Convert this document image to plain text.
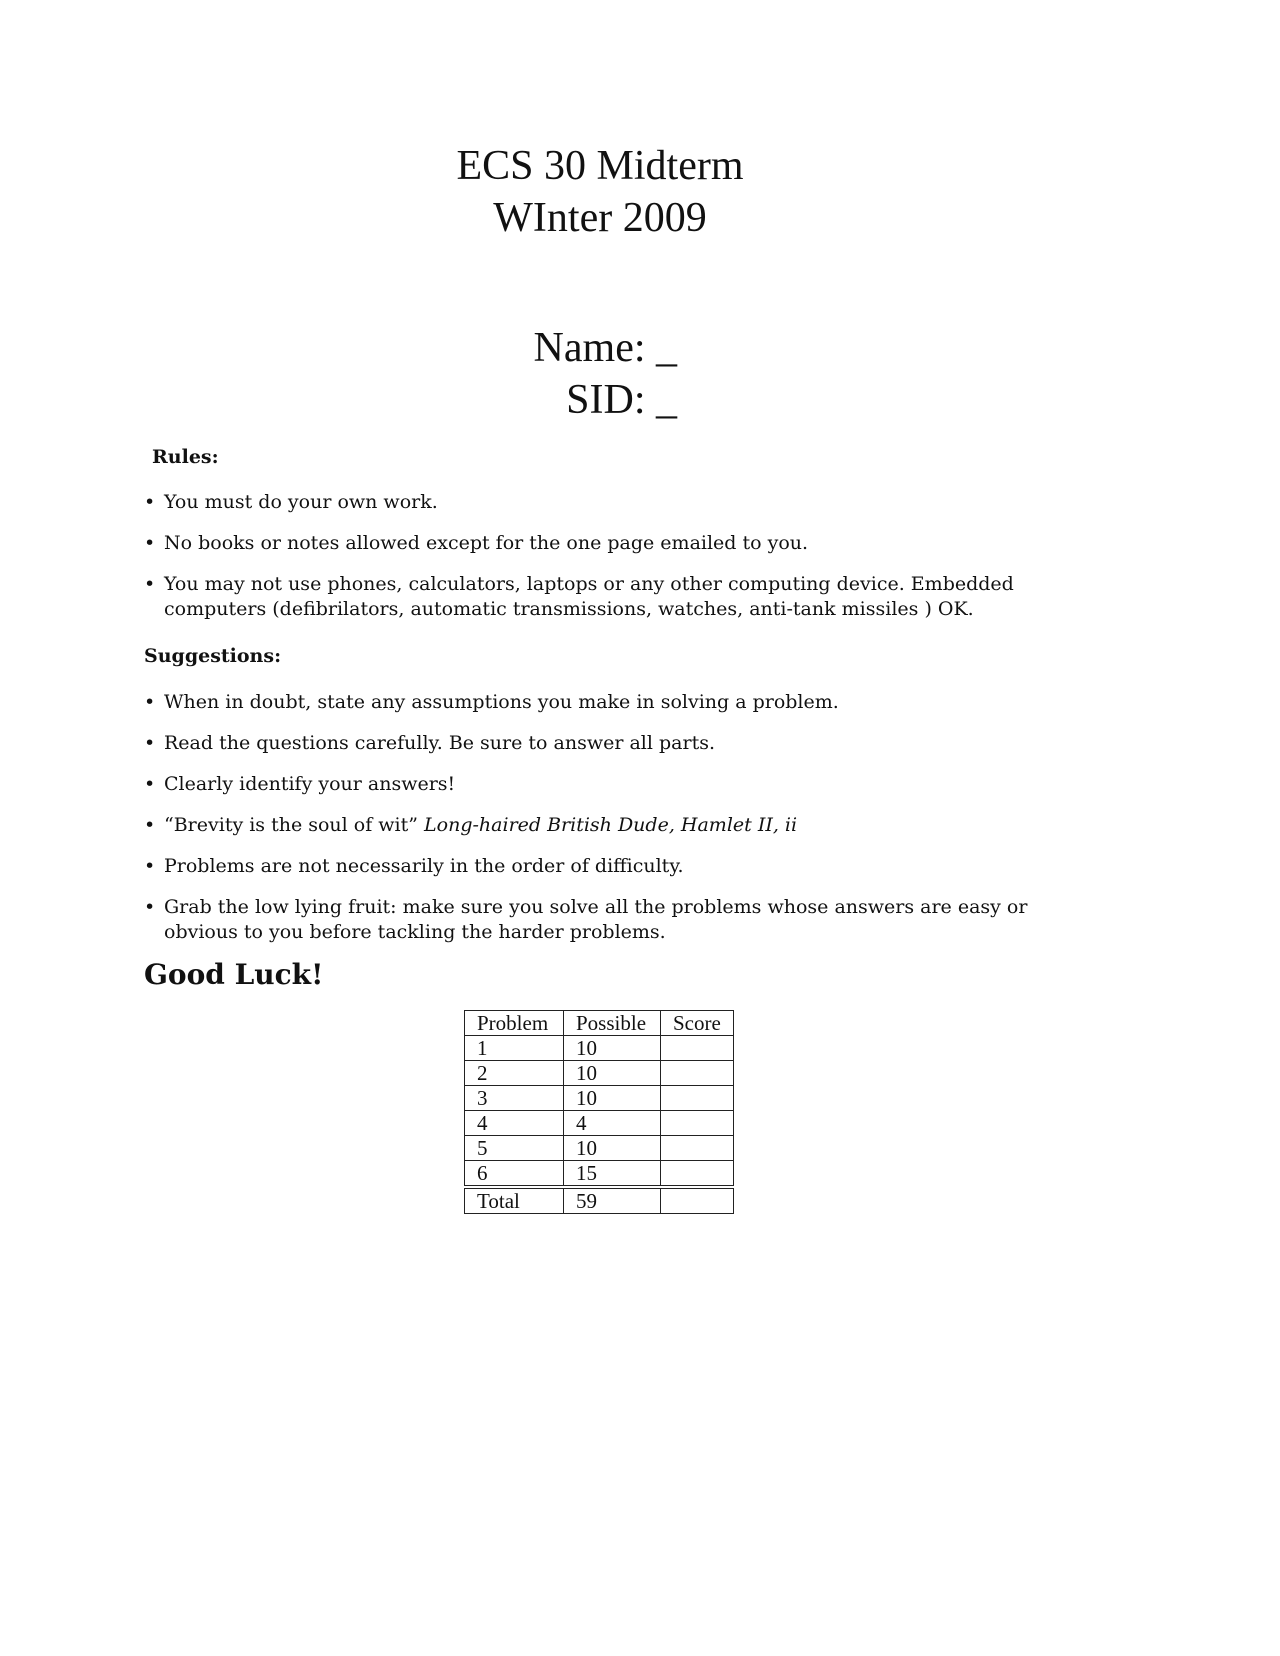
ECS 30 Midterm
WInter 2009
Name: _
SID: _
Rules:
• You must do your own work.
• No books or notes allowed except for the one page emailed to you.
• You may not use phones, calculators, laptops or any other computing device. Embedded computers (defibrilators, automatic transmissions, watches, anti-tank missiles ) OK.
Suggestions:
• When in doubt, state any assumptions you make in solving a problem.
• Read the questions carefully. Be sure to answer all parts.
• Clearly identify your answers!
• “Brevity is the soul of wit” Long-haired British Dude, Hamlet II, ii
• Problems are not necessarily in the order of difficulty.
• Grab the low lying fruit: make sure you solve all the problems whose answers are easy or obvious to you before tackling the harder problems.
Good Luck!
Problem	Possible	Score
1	10	
2	10	
3	10	
4	4	
5	10	
6	15	

Total	59	
